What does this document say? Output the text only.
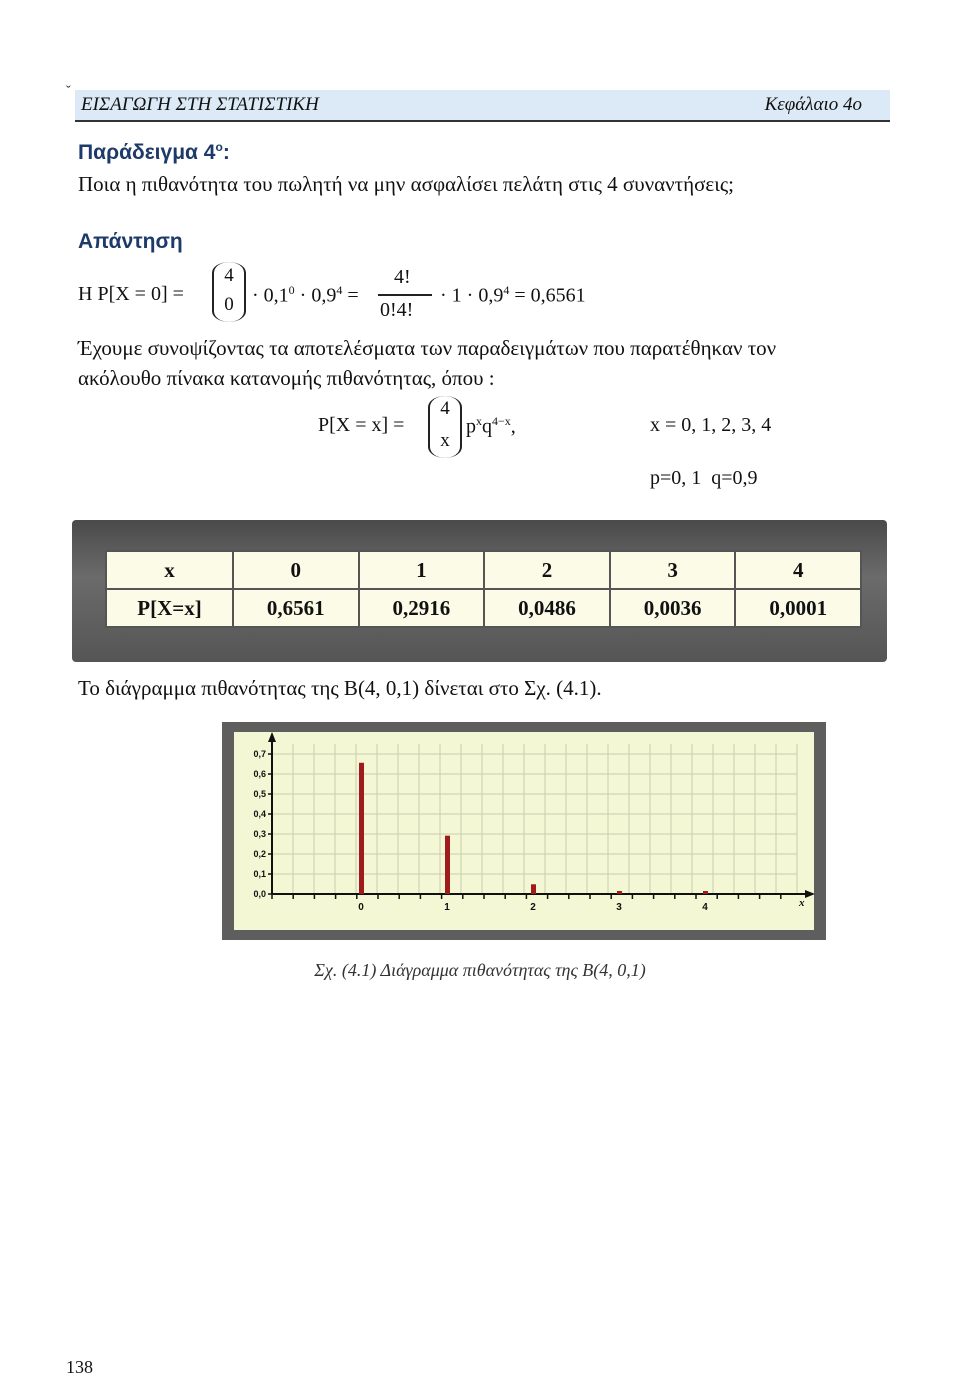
ˇ
ΕΙΣΑΓΩΓΗ ΣΤΗ ΣΤΑΤΙΣΤΙΚΗ	Κεφάλαιο 4ο
Παράδειγμα $4^o$:
Ποια η πιθανότητα του πωλητή να μην ασφαλίσει πελάτη στις 4 συναντήσεις;
Απάντηση
Η P[X = 0] =
4
$0 \cdot 0,1^0 \cdot 0,9^4$ =
4!
0!4!
· $1 \cdot 0,9^4 = 0,6561$
Έχουμε συνοψίζοντας τα αποτελέσματα των παραδειγμάτων που παρατέθηκαν τον
ακόλουθο πίνακα κατανομής πιθανότητας, όπου :
P[X = x] =
4
x
$p^xq^{4-x}$,	x = 0, 1, 2, 3, 4
p=0, 1  q=0,9
x	0	1	2	3	4
P[X=x]	0,6561	0,2916	0,0486	0,0036	0,0001
Το διάγραμμα πιθανότητας της Β(4, 0,1) δίνεται στο Σχ. (4.1).
0,0
0,1
0,2
0,3
0,4
0,5
0,6
0,7
0	1	2	3	4	x
Σχ. (4.1) Διάγραμμα πιθανότητας της Β(4, 0,1)
138
